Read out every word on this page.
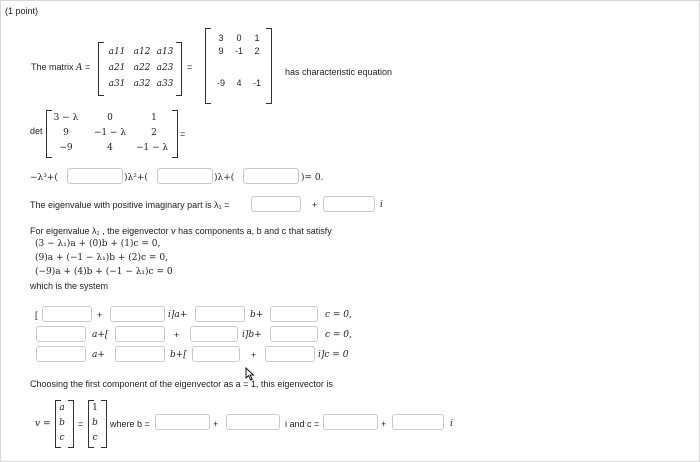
(1 point)
The matrix A =
a11 a12 a13
a21 a22 a23
a31 a32 a33
=
3	0	1
9	-1	2
-9	4	-1
has characteristic equation
det
3 − λ	0	1
9	−1 − λ	2
−9	4	−1 − λ
=
−λ³+(	)λ²+(	)λ+(	)= 0.
The eigenvalue with positive imaginary part is λ₁ =	+	i
For eigenvalue λ₁ , the eigenvector v has components a, b and c that satisfy
(3 − λ₁)a + (0)b + (1)c = 0,
(9)a + (−1 − λ₁)b + (2)c = 0,
(−9)a + (4)b + (−1 − λ₁)c = 0
which is the system
[	+	i]a+	b+	c = 0,
a+[	+	i]b+	c = 0,
a+	b+[	+	i]c = 0
Choosing the first component of the eigenvector as a = 1, this eigenvector is
v =
a
b
c
=
1
b
c
where b =	+	i and c =	+	i
